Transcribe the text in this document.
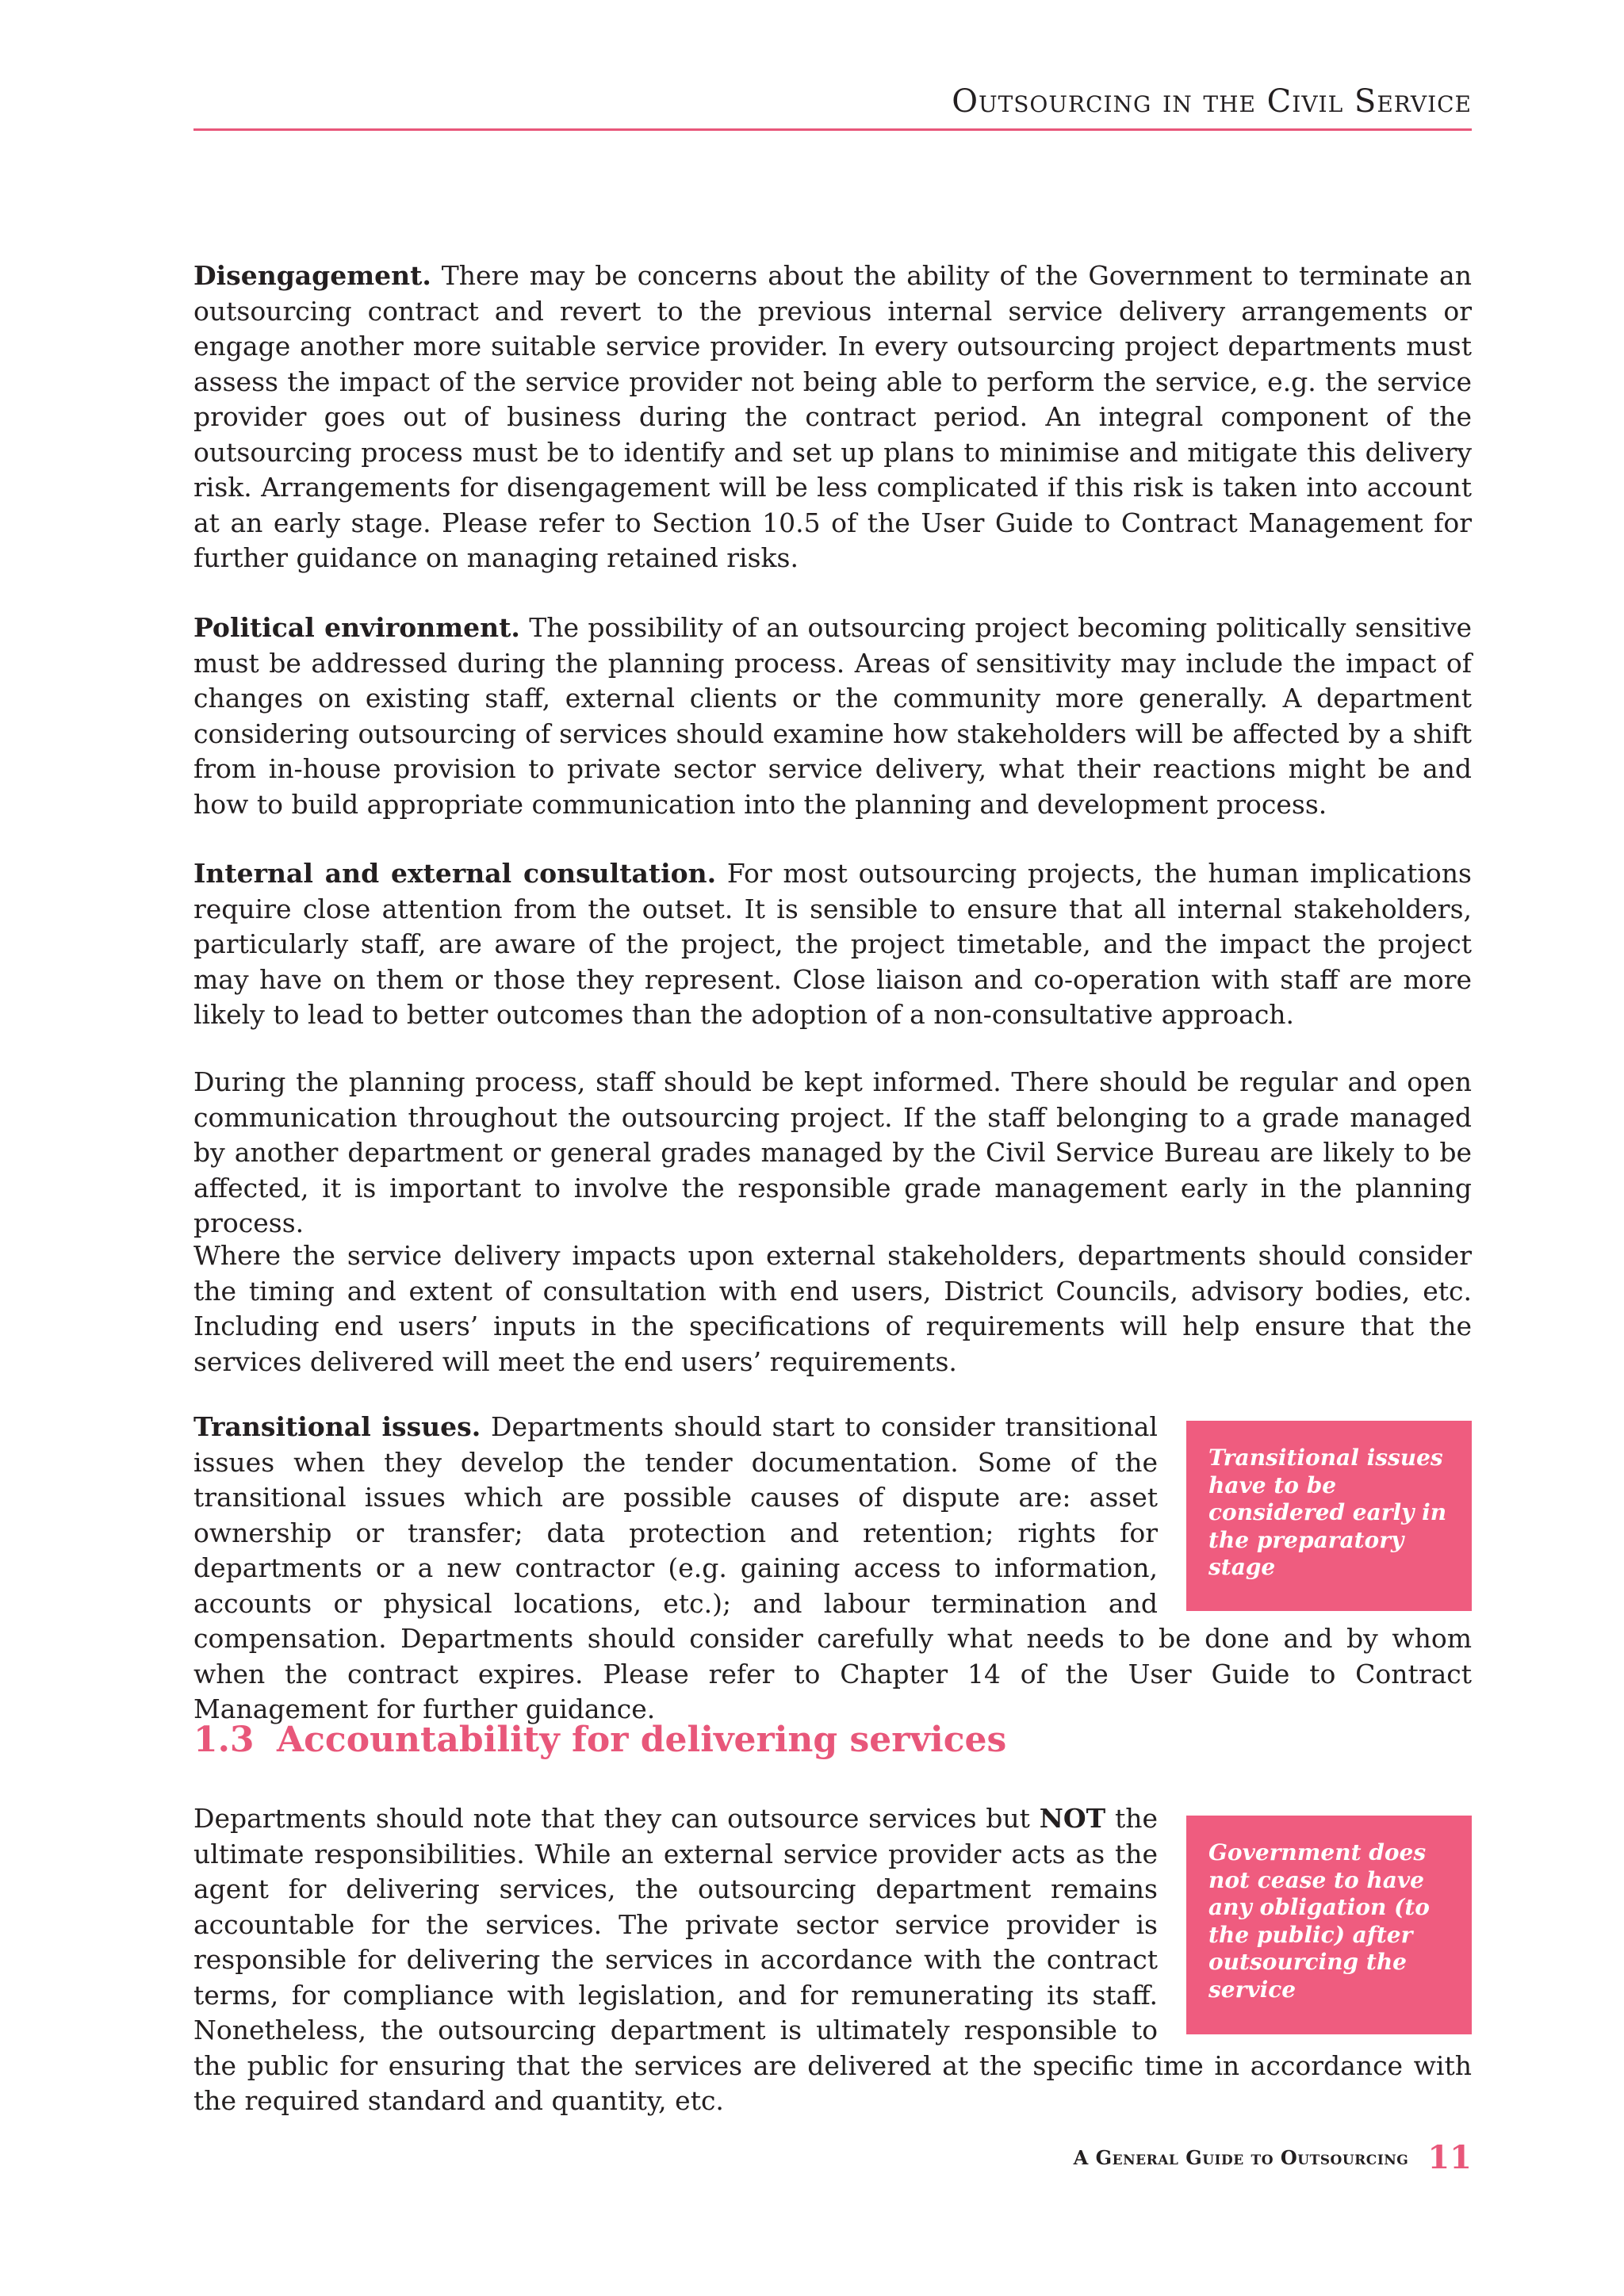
Outsourcing in the Civil Service

Disengagement. There may be concerns about the ability of the Government to terminate an outsourcing contract and revert to the previous internal service delivery arrangements or engage another more suitable service provider. In every outsourcing project departments must assess the impact of the service provider not being able to perform the service, e.g. the service provider goes out of business during the contract period. An integral component of the outsourcing process must be to identify and set up plans to minimise and mitigate this delivery risk. Arrangements for disengagement will be less complicated if this risk is taken into account at an early stage. Please refer to Section 10.5 of the User Guide to Contract Management for further guidance on managing retained risks.

Political environment. The possibility of an outsourcing project becoming politically sensitive must be addressed during the planning process. Areas of sensitivity may include the impact of changes on existing staff, external clients or the community more generally. A department considering outsourcing of services should examine how stakeholders will be affected by a shift from in-house provision to private sector service delivery, what their reactions might be and how to build appropriate communication into the planning and development process.

Internal and external consultation. For most outsourcing projects, the human implications require close attention from the outset. It is sensible to ensure that all internal stakeholders, particularly staff, are aware of the project, the project timetable, and the impact the project may have on them or those they represent. Close liaison and co-operation with staff are more likely to lead to better outcomes than the adoption of a non-consultative approach.

During the planning process, staff should be kept informed. There should be regular and open communication throughout the outsourcing project. If the staff belonging to a grade managed by another department or general grades managed by the Civil Service Bureau are likely to be affected, it is important to involve the responsible grade management early in the planning process.

Where the service delivery impacts upon external stakeholders, departments should consider the timing and extent of consultation with end users, District Councils, advisory bodies, etc. Including end users’ inputs in the specifications of requirements will help ensure that the services delivered will meet the end users’ requirements.

Transitional issues have to be considered early in the preparatory stage

Transitional issues. Departments should start to consider transitional issues when they develop the tender documentation. Some of the transitional issues which are possible causes of dispute are: asset ownership or transfer; data protection and retention; rights for departments or a new contractor (e.g. gaining access to information, accounts or physical locations, etc.); and labour termination and compensation. Departments should consider carefully what needs to be done and by whom when the contract expires. Please refer to Chapter 14 of the User Guide to Contract Management for further guidance.

1.3 Accountability for delivering services
Government does not cease to have any obligation (to the public) after outsourcing the service

Departments should note that they can outsource services but NOT the ultimate responsibilities. While an external service provider acts as the agent for delivering services, the outsourcing department remains accountable for the services. The private sector service provider is responsible for delivering the services in accordance with the contract terms, for compliance with legislation, and for remunerating its staff. Nonetheless, the outsourcing department is ultimately responsible to the public for ensuring that the services are delivered at the specific time in accordance with the required standard and quantity, etc.

A General Guide to Outsourcing 11
